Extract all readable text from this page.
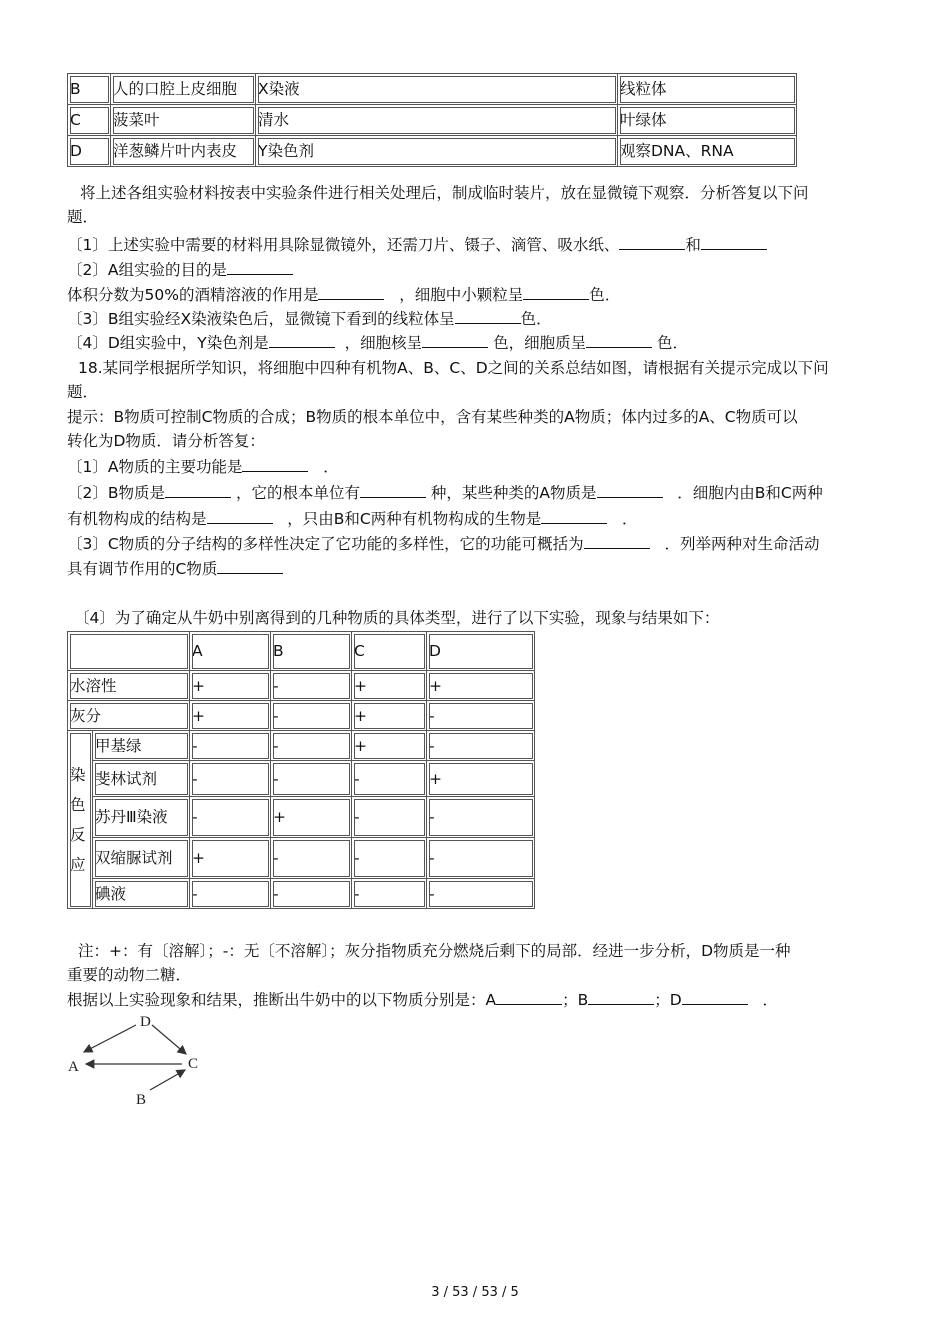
B	人的口腔上皮细胞	X染液	线粒体
C	菠菜叶	清水	叶绿体
D	洋葱鳞片叶内表皮	Y染色剂	观察DNA、RNA
将上述各组实验材料按表中实验条件进行相关处理后，制成临时装片，放在显微镜下观察．分析答复以下问
题．
〔1〕上述实验中需要的材料用具除显微镜外，还需刀片、镊子、滴管、吸水纸、	和
〔2〕A组实验的目的是
体积分数为50%的酒精溶液的作用是	，细胞中小颗粒呈	色．
〔3〕B组实验经X染液染色后，显微镜下看到的线粒体呈	色．
〔4〕D组实验中，Y染色剂是	，细胞核呈	色，细胞质呈	色．
18.某同学根据所学知识，将细胞中四种有机物A、B、C、D之间的关系总结如图，请根据有关提示完成以下问
题．
提示：B物质可控制C物质的合成；B物质的根本单位中，含有某些种类的A物质；体内过多的A、C物质可以
转化为D物质．请分析答复：
〔1〕A物质的主要功能是	．
〔2〕B物质是	，它的根本单位有	种，某些种类的A物质是	．细胞内由B和C两种
有机物构成的结构是	，只由B和C两种有机物构成的生物是	．
〔3〕C物质的分子结构的多样性决定了它功能的多样性，它的功能可概括为	．列举两种对生命活动
具有调节作用的C物质
〔4〕为了确定从牛奶中别离得到的几种物质的具体类型，进行了以下实验，现象与结果如下：
		A	B	C	D
水溶性		+	-	+	+
灰分		+	-	+	-
染
色
反
应	甲基绿	-	-	+	-
	斐林试剂	-	-	-	+
	苏丹Ⅲ染液	-	+	-	-
	双缩脲试剂	+	-	-	-
	碘液	-	-	-	-
注：+：有〔溶解〕；-：无〔不溶解〕；灰分指物质充分燃烧后剩下的局部．经进一步分析，D物质是一种
重要的动物二糖．
根据以上实验现象和结果，推断出牛奶中的以下物质分别是：A	；B	；D	．
D
A	C
B
3 / 53 / 53 / 5
